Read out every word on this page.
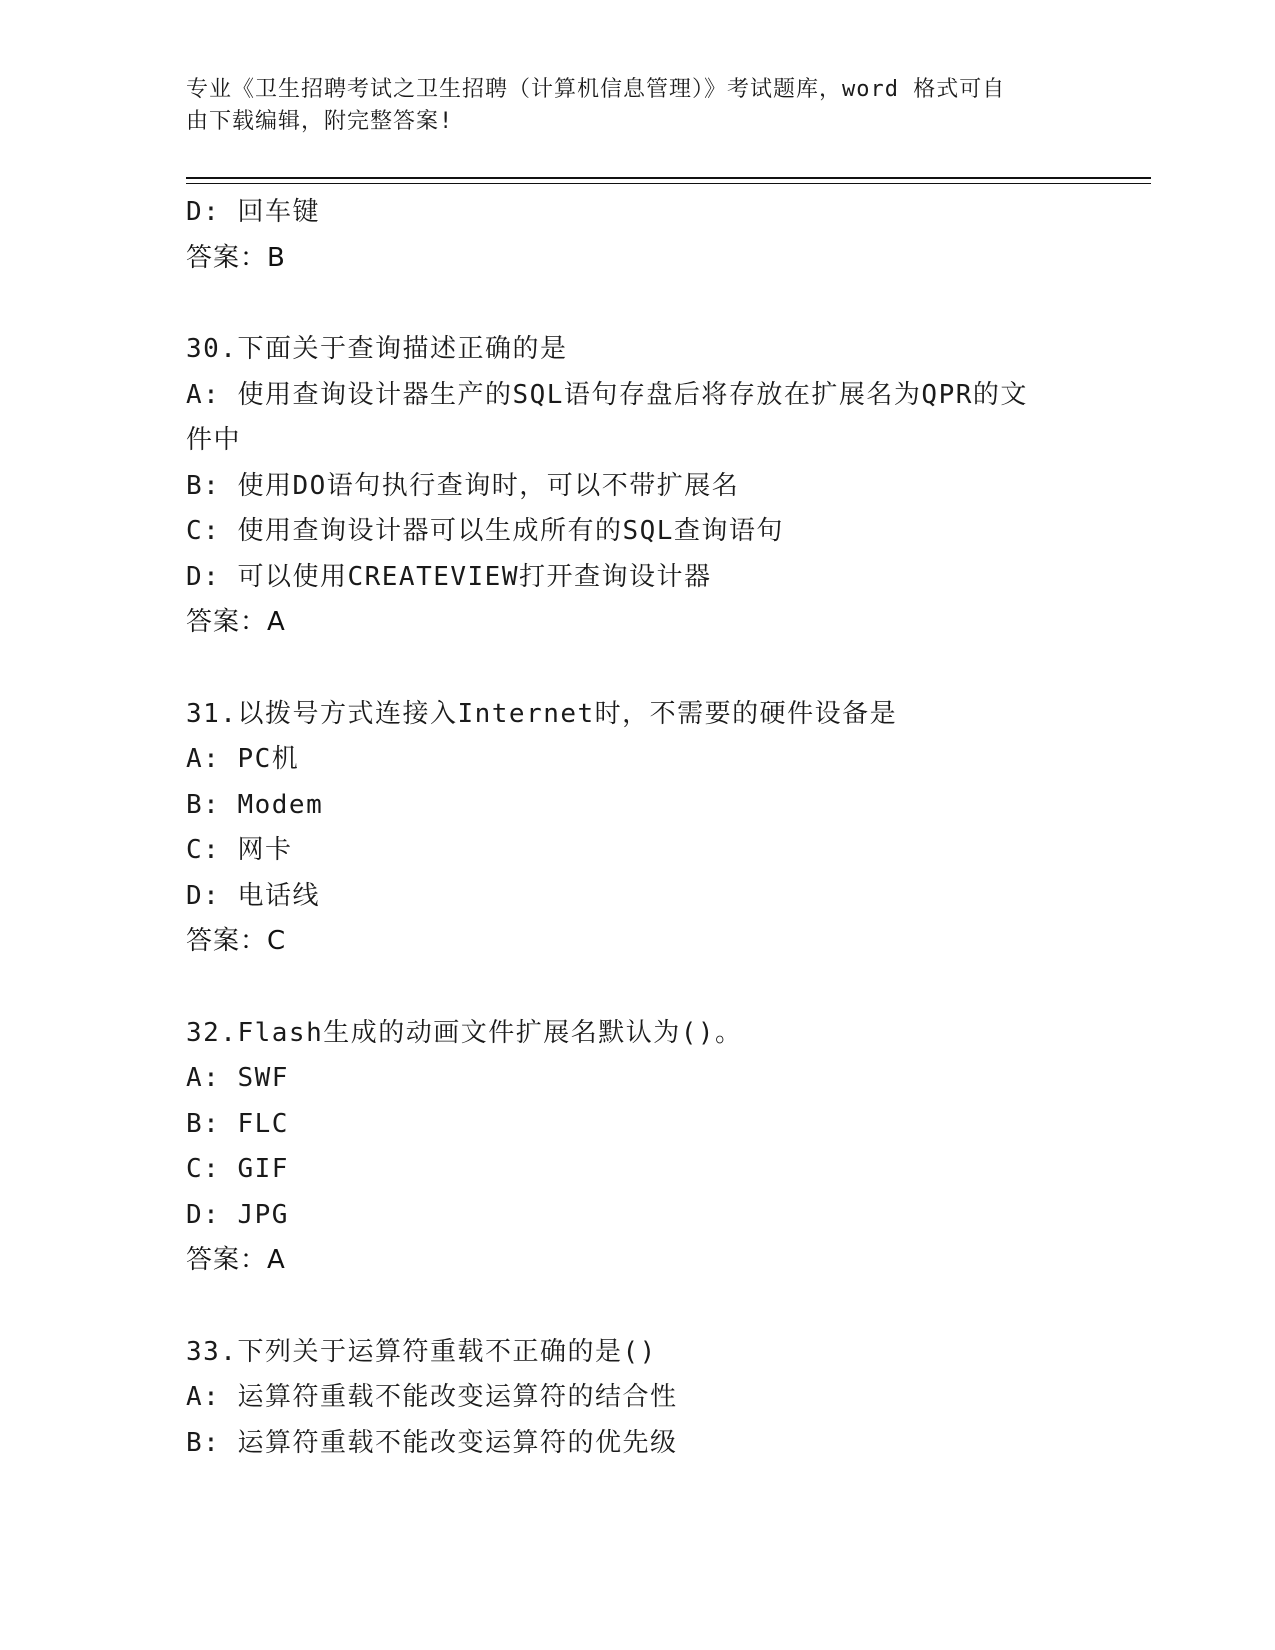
专业《卫生招聘考试之卫生招聘（计算机信息管理）》考试题库，word 格式可自
由下载编辑，附完整答案!
D: 回车键
答案：B
30.下面关于查询描述正确的是
A: 使用查询设计器生产的SQL语句存盘后将存放在扩展名为QPR的文
件中
B: 使用DO语句执行查询时，可以不带扩展名
C: 使用查询设计器可以生成所有的SQL查询语句
D: 可以使用CREATEVIEW打开查询设计器
答案：A
31.以拨号方式连接入Internet时，不需要的硬件设备是
A: PC机
B: Modem
C: 网卡
D: 电话线
答案：C
32.Flash生成的动画文件扩展名默认为()。
A: SWF
B: FLC
C: GIF
D: JPG
答案：A
33.下列关于运算符重载不正确的是()
A: 运算符重载不能改变运算符的结合性
B: 运算符重载不能改变运算符的优先级
